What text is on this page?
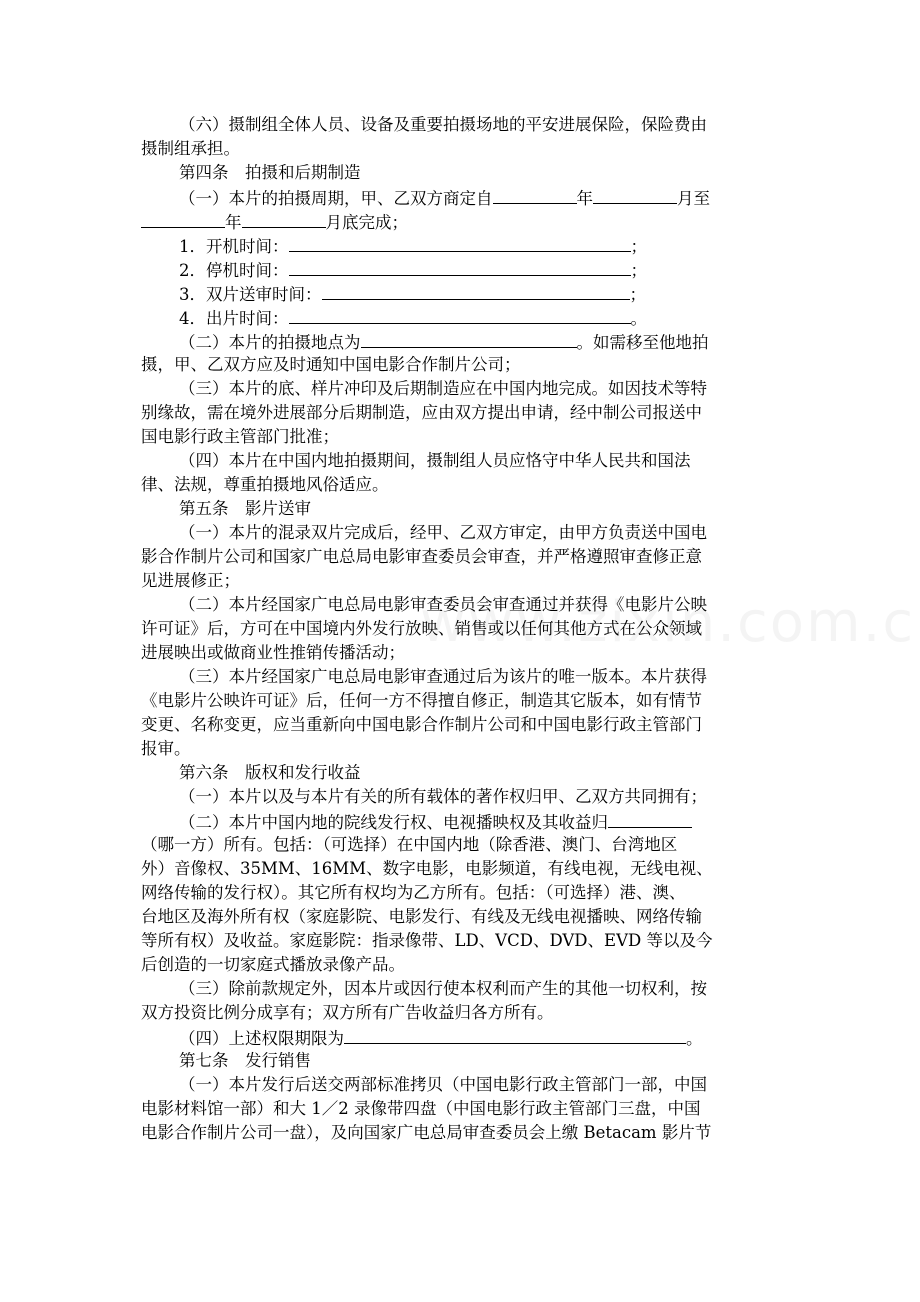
（六）摄制组全体人员、设备及重要拍摄场地的平安进展保险，保险费由
摄制组承担。
第四条　拍摄和后期制造
（一）本片的拍摄周期，甲、乙双方商定自	年	月至
年	月底完成；
1．开机时间：	；
2．停机时间：	；
3．双片送审时间：	；
4．出片时间：	。
（二）本片的拍摄地点为	。如需移至他地拍
摄，甲、乙双方应及时通知中国电影合作制片公司；
（三）本片的底、样片冲印及后期制造应在中国内地完成。如因技术等特
别缘故，需在境外进展部分后期制造，应由双方提出申请，经中制公司报送中
国电影行政主管部门批准；
（四）本片在中国内地拍摄期间，摄制组人员应恪守中华人民共和国法
律、法规，尊重拍摄地风俗适应。
第五条　影片送审
（一）本片的混录双片完成后，经甲、乙双方审定，由甲方负责送中国电
影合作制片公司和国家广电总局电影审查委员会审查，并严格遵照审查修正意
见进展修正；
（二）本片经国家广电总局电影审查委员会审查通过并获得《电影片公映
许可证》后，方可在中国境内外发行放映、销售或以任何其他方式在公众领域
进展映出或做商业性推销传播活动；
（三）本片经国家广电总局电影审查通过后为该片的唯一版本。本片获得
《电影片公映许可证》后，任何一方不得擅自修正，制造其它版本，如有情节
变更、名称变更，应当重新向中国电影合作制片公司和中国电影行政主管部门
报审。
第六条　版权和发行收益
（一）本片以及与本片有关的所有载体的著作权归甲、乙双方共同拥有；
（二）本片中国内地的院线发行权、电视播映权及其收益归
（哪一方）所有。包括：（可选择）在中国内地（除香港、澳门、台湾地区
外）音像权、35MM、16MM、数字电影，电影频道，有线电视，无线电视、
网络传输的发行权）。其它所有权均为乙方所有。包括：（可选择）港、澳、
台地区及海外所有权（家庭影院、电影发行、有线及无线电视播映、网络传输
等所有权）及收益。家庭影院：指录像带、LD、VCD、DVD、EVD 等以及今
后创造的一切家庭式播放录像产品。
（三）除前款规定外，因本片或因行使本权利而产生的其他一切权利，按
双方投资比例分成享有；双方所有广告收益归各方所有。
（四）上述权限期限为	。
第七条　发行销售
（一）本片发行后送交两部标准拷贝（中国电影行政主管部门一部，中国
电影材料馆一部）和大 1／2 录像带四盘（中国电影行政主管部门三盘，中国
电影合作制片公司一盘），及向国家广电总局审查委员会上缴 Betacam 影片节
